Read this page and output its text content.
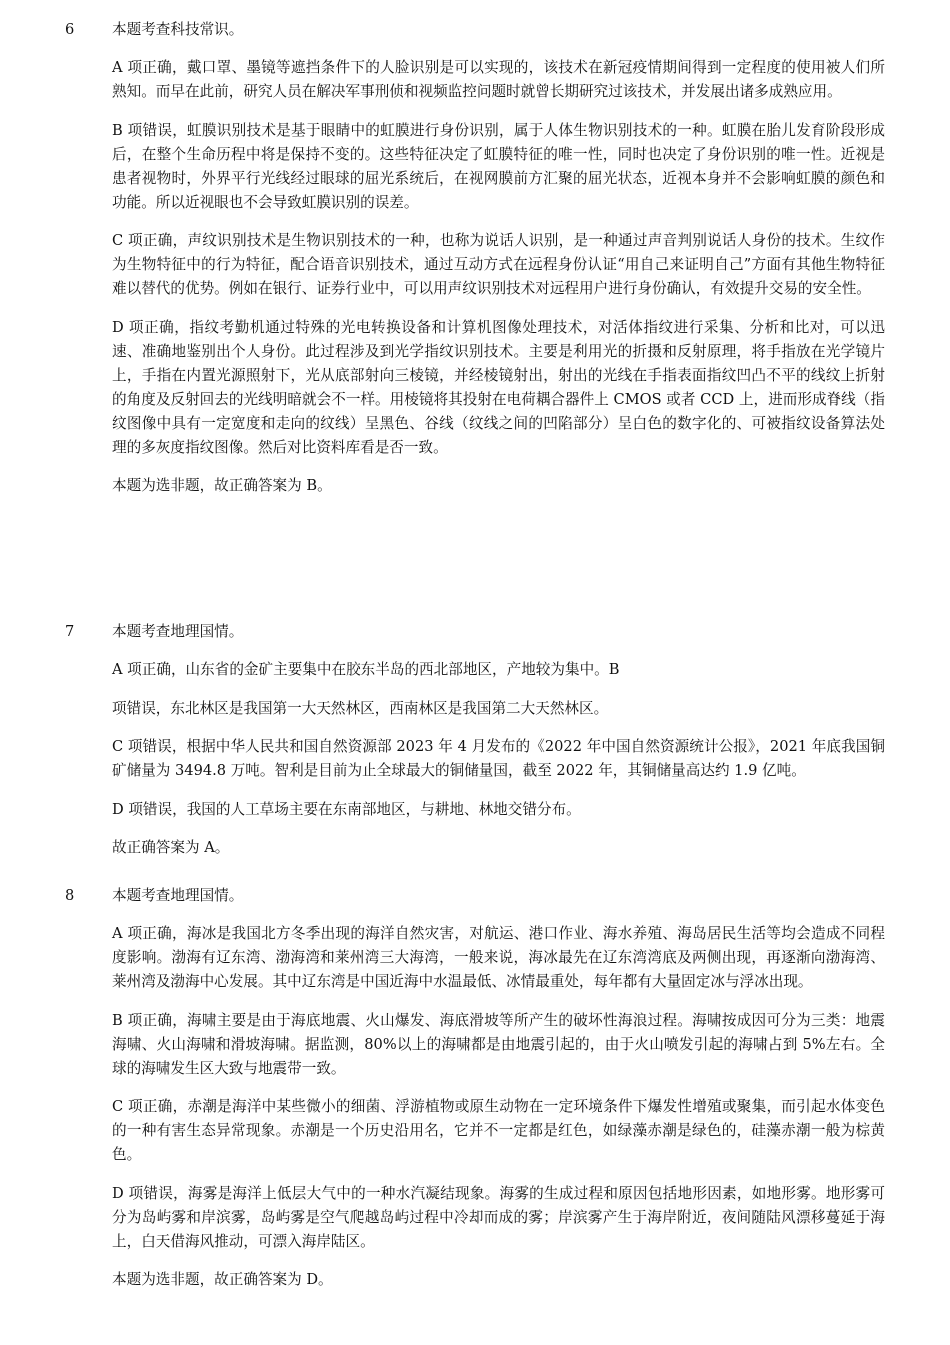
6	本题考查科技常识。

A 项正确，戴口罩、墨镜等遮挡条件下的人脸识别是可以实现的，该技术在新冠疫情期间得到一定程度的使用被人们所熟知。而早在此前，研究人员在解决军事刑侦和视频监控问题时就曾长期研究过该技术，并发展出诸多成熟应用。

B 项错误，虹膜识别技术是基于眼睛中的虹膜进行身份识别，属于人体生物识别技术的一种。虹膜在胎儿发育阶段形成后，在整个生命历程中将是保持不变的。这些特征决定了虹膜特征的唯一性，同时也决定了身份识别的唯一性。近视是患者视物时，外界平行光线经过眼球的屈光系统后，在视网膜前方汇聚的屈光状态，近视本身并不会影响虹膜的颜色和功能。所以近视眼也不会导致虹膜识别的误差。

C 项正确，声纹识别技术是生物识别技术的一种，也称为说话人识别，是一种通过声音判别说话人身份的技术。生纹作为生物特征中的行为特征，配合语音识别技术，通过互动方式在远程身份认证“用自己来证明自己”方面有其他生物特征难以替代的优势。例如在银行、证券行业中，可以用声纹识别技术对远程用户进行身份确认，有效提升交易的安全性。

D 项正确，指纹考勤机通过特殊的光电转换设备和计算机图像处理技术，对活体指纹进行采集、分析和比对，可以迅速、准确地鉴别出个人身份。此过程涉及到光学指纹识别技术。主要是利用光的折摄和反射原理，将手指放在光学镜片上，手指在内置光源照射下，光从底部射向三棱镜，并经棱镜射出，射出的光线在手指表面指纹凹凸不平的线纹上折射的角度及反射回去的光线明暗就会不一样。用棱镜将其投射在电荷耦合器件上 CMOS 或者 CCD 上，进而形成脊线（指纹图像中具有一定宽度和走向的纹线）呈黑色、谷线（纹线之间的凹陷部分）呈白色的数字化的、可被指纹设备算法处理的多灰度指纹图像。然后对比资料库看是否一致。

本题为选非题，故正确答案为 B。

7	本题考查地理国情。

A 项正确，山东省的金矿主要集中在胶东半岛的西北部地区，产地较为集中。B

项错误，东北林区是我国第一大天然林区，西南林区是我国第二大天然林区。

C 项错误，根据中华人民共和国自然资源部 2023 年 4 月发布的《2022 年中国自然资源统计公报》，2021 年底我国铜矿储量为 3494.8 万吨。智利是目前为止全球最大的铜储量国，截至 2022 年，其铜储量高达约 1.9 亿吨。

D 项错误，我国的人工草场主要在东南部地区，与耕地、林地交错分布。

故正确答案为 A。

8	本题考查地理国情。

A 项正确，海冰是我国北方冬季出现的海洋自然灾害，对航运、港口作业、海水养殖、海岛居民生活等均会造成不同程度影响。渤海有辽东湾、渤海湾和莱州湾三大海湾，一般来说，海冰最先在辽东湾湾底及两侧出现，再逐渐向渤海湾、莱州湾及渤海中心发展。其中辽东湾是中国近海中水温最低、冰情最重处，每年都有大量固定冰与浮冰出现。

B 项正确，海啸主要是由于海底地震、火山爆发、海底滑坡等所产生的破坏性海浪过程。海啸按成因可分为三类：地震海啸、火山海啸和滑坡海啸。据监测，80%以上的海啸都是由地震引起的，由于火山喷发引起的海啸占到 5%左右。全球的海啸发生区大致与地震带一致。

C 项正确，赤潮是海洋中某些微小的细菌、浮游植物或原生动物在一定环境条件下爆发性增殖或聚集，而引起水体变色的一种有害生态异常现象。赤潮是一个历史沿用名，它并不一定都是红色，如绿藻赤潮是绿色的，硅藻赤潮一般为棕黄色。

D 项错误，海雾是海洋上低层大气中的一种水汽凝结现象。海雾的生成过程和原因包括地形因素，如地形雾。地形雾可分为岛屿雾和岸滨雾，岛屿雾是空气爬越岛屿过程中冷却而成的雾；岸滨雾产生于海岸附近，夜间随陆风漂移蔓延于海上，白天借海风推动，可漂入海岸陆区。

本题为选非题，故正确答案为 D。
